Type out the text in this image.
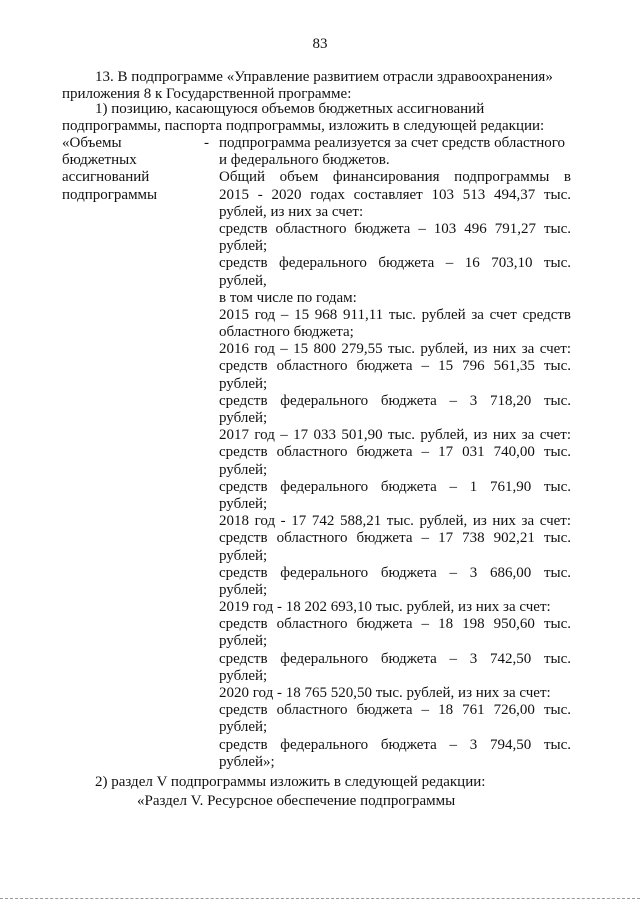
83
13. В подпрограмме «Управление развитием отрасли здравоохранения»
приложения 8 к Государственной программе:
1) позицию, касающуюся объемов бюджетных ассигнований
подпрограммы, паспорта подпрограммы, изложить в следующей редакции:
«Объемы
бюджетных
ассигнований
подпрограммы
- подпрограмма реализуется за счет средств областного
и федерального бюджетов.
Общий объем финансирования подпрограммы в
2015 - 2020 годах составляет 103 513 494,37 тыс.
рублей, из них за счет:
средств областного бюджета – 103 496 791,27 тыс.
рублей;
средств федерального бюджета – 16 703,10 тыс.
рублей,
в том числе по годам:
2015 год – 15 968 911,11 тыс. рублей за счет средств
областного бюджета;
2016 год – 15 800 279,55 тыс. рублей, из них за счет:
средств областного бюджета – 15 796 561,35 тыс.
рублей;
средств федерального бюджета – 3 718,20 тыс.
рублей;
2017 год – 17 033 501,90 тыс. рублей, из них за счет:
средств областного бюджета – 17 031 740,00 тыс.
рублей;
средств федерального бюджета – 1 761,90 тыс.
рублей;
2018 год - 17 742 588,21 тыс. рублей, из них за счет:
средств областного бюджета – 17 738 902,21 тыс.
рублей;
средств федерального бюджета – 3 686,00 тыс.
рублей;
2019 год - 18 202 693,10 тыс. рублей, из них за счет:
средств областного бюджета – 18 198 950,60 тыс.
рублей;
средств федерального бюджета – 3 742,50 тыс.
рублей;
2020 год - 18 765 520,50 тыс. рублей, из них за счет:
средств областного бюджета – 18 761 726,00 тыс.
рублей;
средств федерального бюджета – 3 794,50 тыс.
рублей»;
2) раздел V подпрограммы изложить в следующей редакции:
«Раздел V. Ресурсное обеспечение подпрограммы
